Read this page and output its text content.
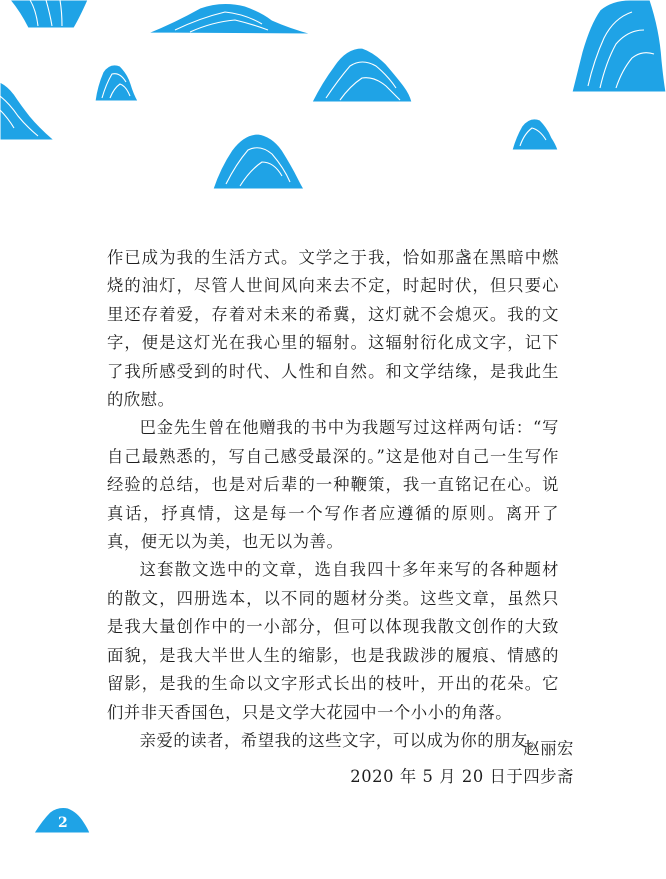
作已成为我的生活方式。文学之于我，恰如那盏在黑暗中燃烧的油灯，尽管人世间风向来去不定，时起时伏，但只要心里还存着爱，存着对未来的希冀，这灯就不会熄灭。我的文字，便是这灯光在我心里的辐射。这辐射衍化成文字，记下了我所感受到的时代、人性和自然。和文学结缘，是我此生的欣慰。

巴金先生曾在他赠我的书中为我题写过这样两句话：“写自己最熟悉的，写自己感受最深的。”这是他对自己一生写作经验的总结，也是对后辈的一种鞭策，我一直铭记在心。说真话，抒真情，这是每一个写作者应遵循的原则。离开了真，便无以为美，也无以为善。

这套散文选中的文章，选自我四十多年来写的各种题材的散文，四册选本，以不同的题材分类。这些文章，虽然只是我大量创作中的一小部分，但可以体现我散文创作的大致面貌，是我大半世人生的缩影，也是我跋涉的履痕、情感的留影，是我的生命以文字形式长出的枝叶，开出的花朵。它们并非天香国色，只是文学大花园中一个小小的角落。

亲爱的读者，希望我的这些文字，可以成为你的朋友。

赵丽宏

2020 年 5 月 20 日于四步斋

2
